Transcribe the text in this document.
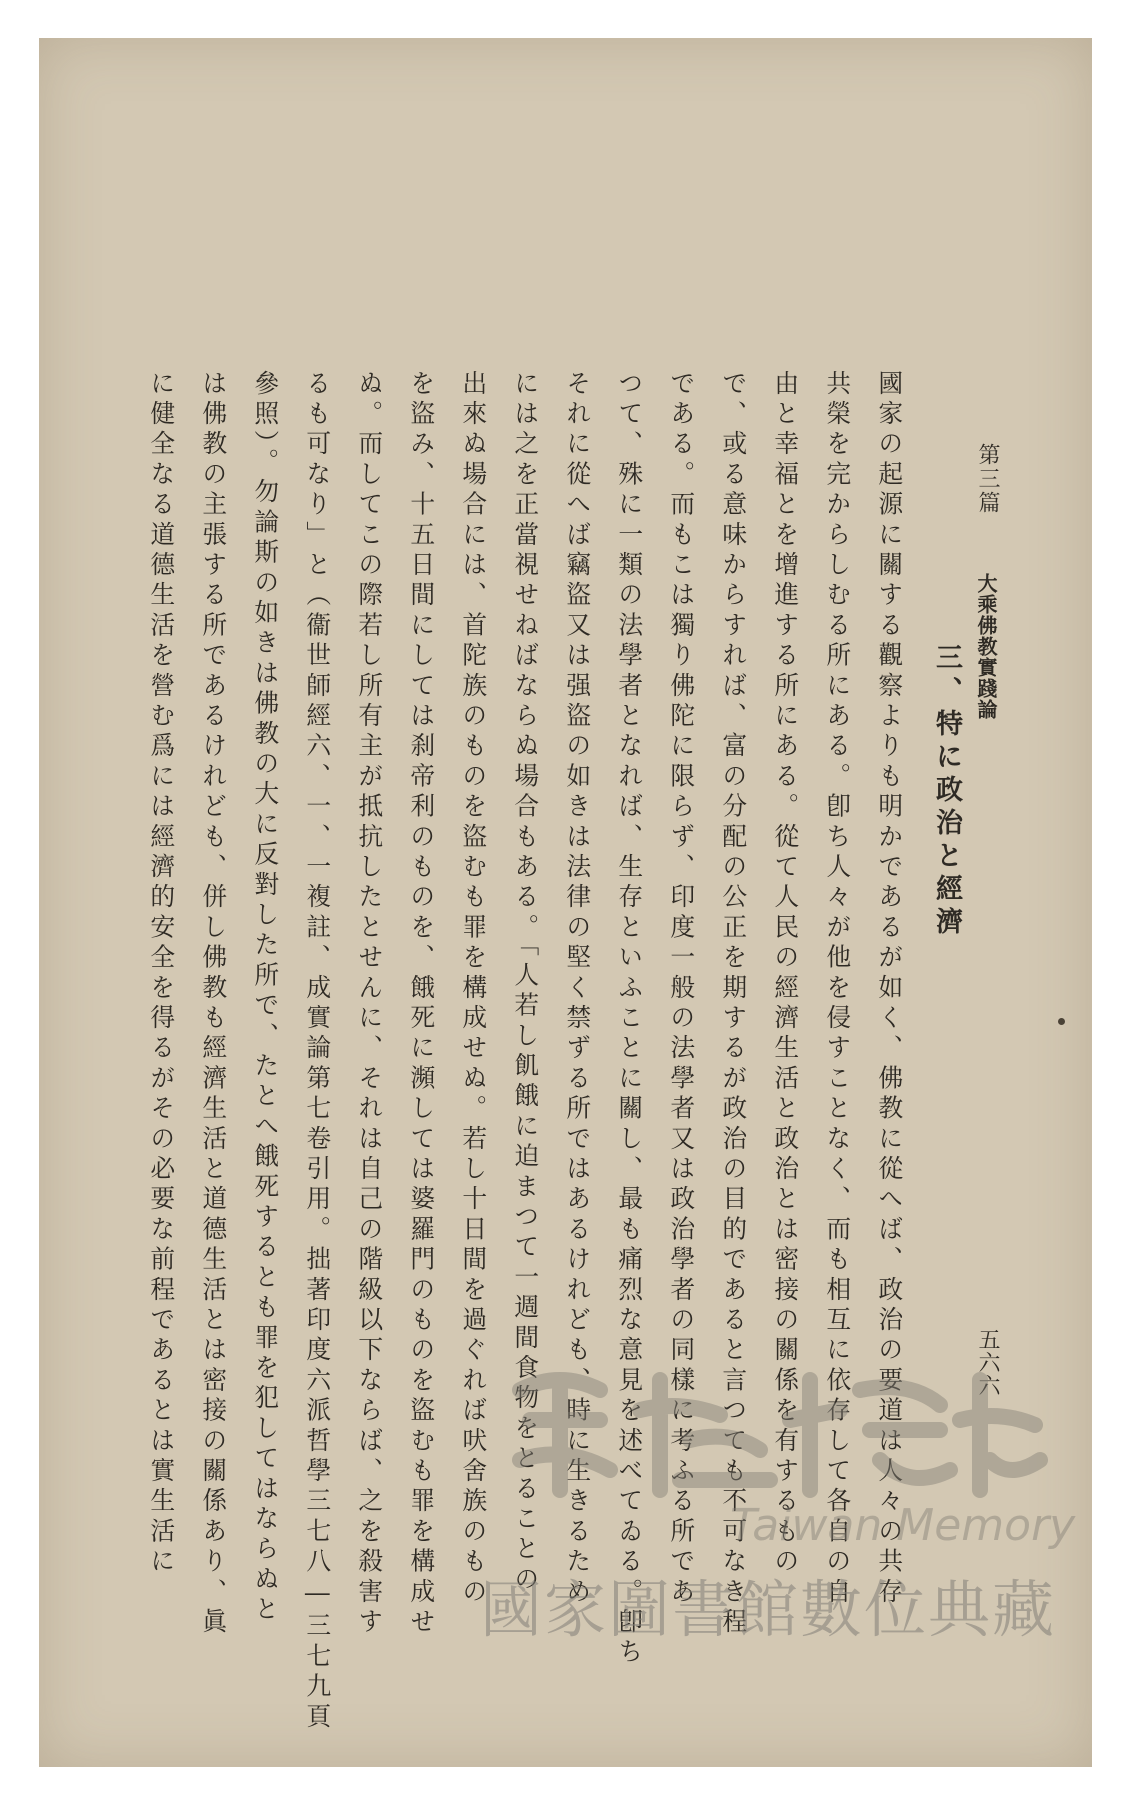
第三篇
大乘佛教實踐論
五六六
三、特に政治と經濟
國家の起源に關する觀察よりも明かであるが如く、佛教に從へば、政治の要道は人々の共存
共榮を完からしむる所にある。卽ち人々が他を侵すことなく、而も相互に依存して各自の自
由と幸福とを增進する所にある。從て人民の經濟生活と政治とは密接の關係を有するもの
で、或る意味からすれば、富の分配の公正を期するが政治の目的であると言つても不可なき程
である。而もこは獨り佛陀に限らず、印度一般の法學者又は政治學者の同樣に考ふる所であ
つて、殊に一類の法學者となれば、生存といふことに關し、最も痛烈な意見を述べてゐる。卽ち
それに從へば竊盜又は强盜の如きは法律の堅く禁ずる所ではあるけれども、時に生きるため
には之を正當視せねばならぬ場合もある。「人若し飢餓に迫まつて一週間食物をとることの
出來ぬ場合には、首陀族のものを盜むも罪を構成せぬ。若し十日間を過ぐれば吠舍族のもの
を盜み、十五日間にしては刹帝利のものを、餓死に瀕しては婆羅門のものを盜むも罪を構成せ
ぬ。而してこの際若し所有主が抵抗したとせんに、それは自己の階級以下ならば、之を殺害す
るも可なり」と（衞世師經六、一、一複註、成實論第七卷引用。拙著印度六派哲學三七八―三七九頁
參照）。勿論斯の如きは佛教の大に反對した所で、たとへ餓死するとも罪を犯してはならぬと
は佛教の主張する所であるけれども、併し佛教も經濟生活と道德生活とは密接の關係あり、眞
に健全なる道德生活を營む爲には經濟的安全を得るがその必要な前程であるとは實生活に	Taiwan Memory
國家圖書館數位典藏
